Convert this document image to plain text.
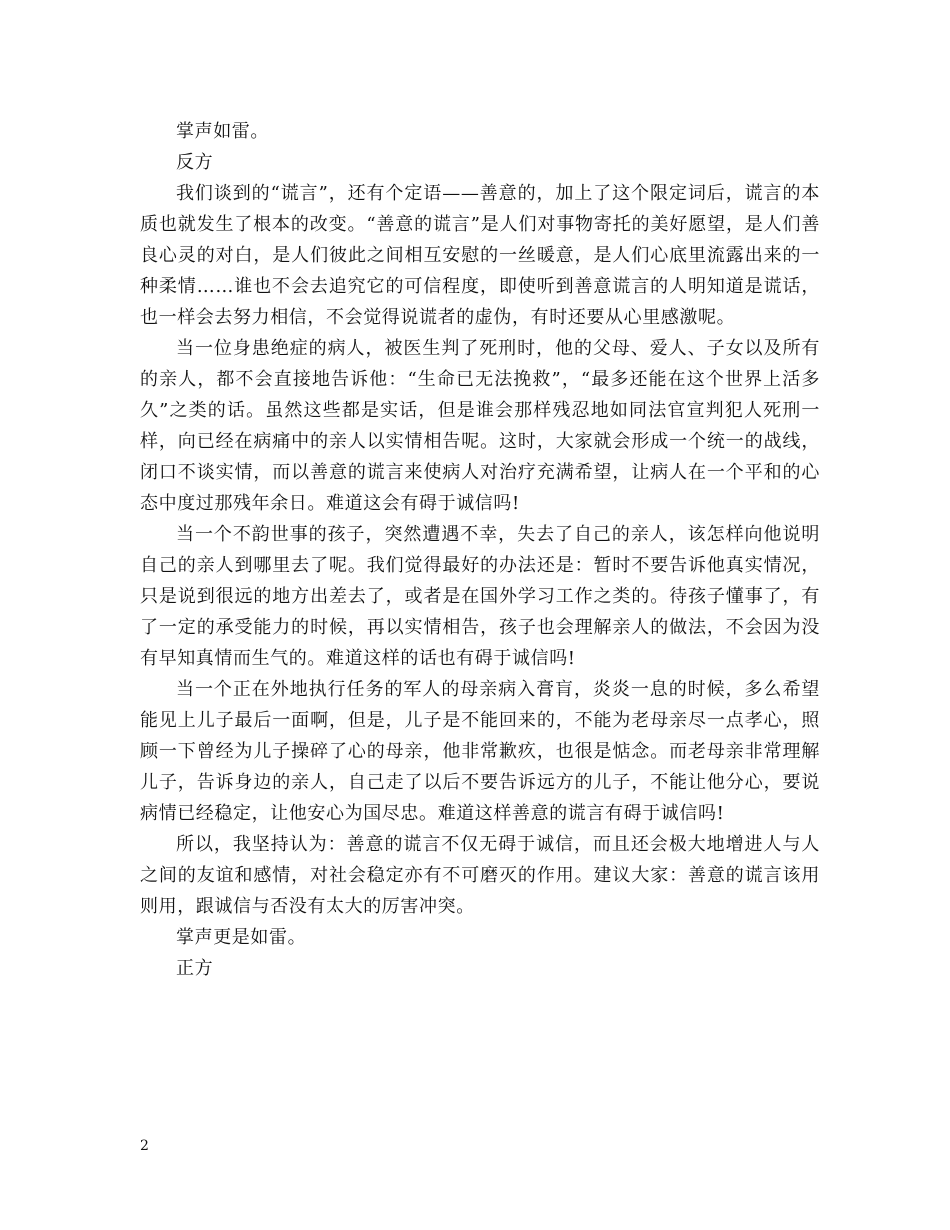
掌声如雷。

反方

我们谈到的“谎言”，还有个定语——善意的，加上了这个限定词后，谎言的本质也就发生了根本的改变。“善意的谎言”是人们对事物寄托的美好愿望，是人们善良心灵的对白，是人们彼此之间相互安慰的一丝暖意，是人们心底里流露出来的一种柔情……谁也不会去追究它的可信程度，即使听到善意谎言的人明知道是谎话，也一样会去努力相信，不会觉得说谎者的虚伪，有时还要从心里感激呢。

当一位身患绝症的病人，被医生判了死刑时，他的父母、爱人、子女以及所有的亲人，都不会直接地告诉他：“生命已无法挽救”，“最多还能在这个世界上活多久”之类的话。虽然这些都是实话，但是谁会那样残忍地如同法官宣判犯人死刑一样，向已经在病痛中的亲人以实情相告呢。这时，大家就会形成一个统一的战线，闭口不谈实情，而以善意的谎言来使病人对治疗充满希望，让病人在一个平和的心态中度过那残年余日。难道这会有碍于诚信吗!

当一个不韵世事的孩子，突然遭遇不幸，失去了自己的亲人，该怎样向他说明自己的亲人到哪里去了呢。我们觉得最好的办法还是：暂时不要告诉他真实情况，只是说到很远的地方出差去了，或者是在国外学习工作之类的。待孩子懂事了，有了一定的承受能力的时候，再以实情相告，孩子也会理解亲人的做法，不会因为没有早知真情而生气的。难道这样的话也有碍于诚信吗!

当一个正在外地执行任务的军人的母亲病入膏肓，炎炎一息的时候，多么希望能见上儿子最后一面啊，但是，儿子是不能回来的，不能为老母亲尽一点孝心，照顾一下曾经为儿子操碎了心的母亲，他非常歉疚，也很是惦念。而老母亲非常理解儿子，告诉身边的亲人，自己走了以后不要告诉远方的儿子，不能让他分心，要说病情已经稳定，让他安心为国尽忠。难道这样善意的谎言有碍于诚信吗!

所以，我坚持认为：善意的谎言不仅无碍于诚信，而且还会极大地增进人与人之间的友谊和感情，对社会稳定亦有不可磨灭的作用。建议大家：善意的谎言该用则用，跟诚信与否没有太大的厉害冲突。

掌声更是如雷。

正方

2
